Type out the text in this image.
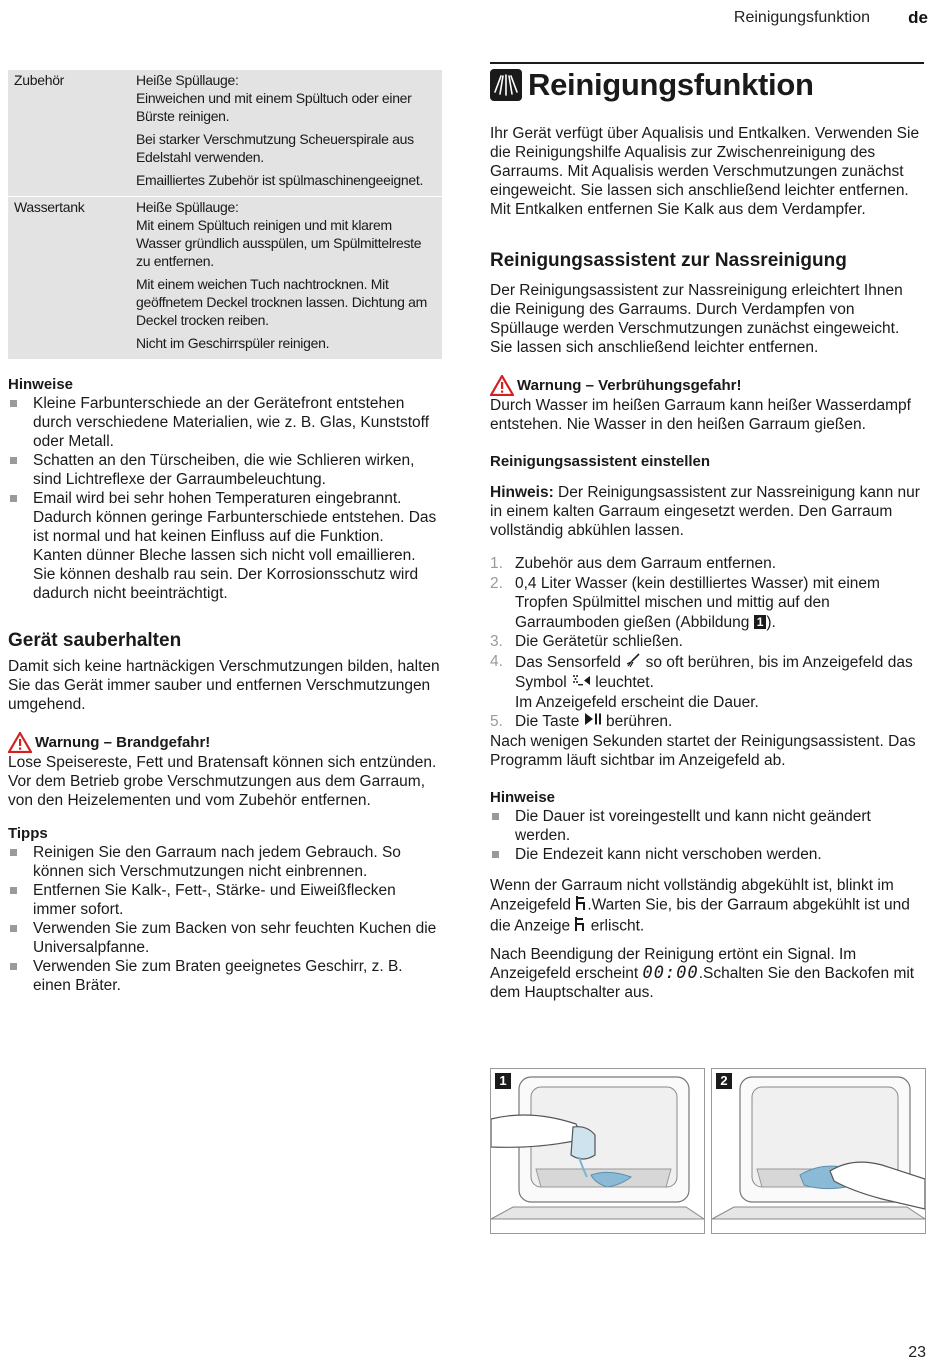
Reinigungsfunktion de
Zubehör	Heiße Spüllauge:

Einweichen und mit einem Spültuch oder einer Bürste reinigen.

Bei starker Verschmutzung Scheuerspirale aus Edelstahl verwenden.

Emailliertes Zubehör ist spülmaschinengeeignet.

Wassertank	Heiße Spüllauge:

Mit einem Spültuch reinigen und mit klarem Wasser gründlich ausspülen, um Spülmittelreste zu entfernen.

Mit einem weichen Tuch nachtrocknen. Mit geöffnetem Deckel trocknen lassen. Dichtung am Deckel trocken reiben.

Nicht im Geschirrspüler reinigen.

Hinweise

Kleine Farbunterschiede an der Gerätefront entstehen durch verschiedene Materialien, wie z. B. Glas, Kunststoff oder Metall.
Schatten an den Türscheiben, die wie Schlieren wirken, sind Lichtreflexe der Garraumbeleuchtung.
Email wird bei sehr hohen Temperaturen eingebrannt. Dadurch können geringe Farbunterschiede entstehen. Das ist normal und hat keinen Einfluss auf die Funktion.

Kanten dünner Bleche lassen sich nicht voll emaillieren. Sie können deshalb rau sein. Der Korrosionsschutz wird dadurch nicht beeinträchtigt.

Gerät sauberhalten

Damit sich keine hartnäckigen Verschmutzungen bilden, halten Sie das Gerät immer sauber und entfernen Verschmutzungen umgehend.

Warnung – Brandgefahr!

Lose Speisereste, Fett und Bratensaft können sich entzünden. Vor dem Betrieb grobe Verschmutzungen aus dem Garraum, von den Heizelementen und vom Zubehör entfernen.

Tipps

Reinigen Sie den Garraum nach jedem Gebrauch. So können sich Verschmutzungen nicht einbrennen.
Entfernen Sie Kalk-, Fett-, Stärke- und Eiweißflecken immer sofort.
Verwenden Sie zum Backen von sehr feuchten Kuchen die Universalpfanne.
Verwenden Sie zum Braten geeignetes Geschirr, z. B. einen Bräter.
Reinigungsfunktion

Ihr Gerät verfügt über Aqualisis und Entkalken. Verwenden Sie die Reinigungshilfe Aqualisis zur Zwischenreinigung des Garraums. Mit Aqualisis werden Verschmutzungen zunächst eingeweicht. Sie lassen sich anschließend leichter entfernen. Mit Entkalken entfernen Sie Kalk aus dem Verdampfer.

Reinigungsassistent zur Nassreinigung

Der Reinigungsassistent zur Nassreinigung erleichtert Ihnen die Reinigung des Garraums. Durch Verdampfen von Spüllauge werden Verschmutzungen zunächst eingeweicht. Sie lassen sich anschließend leichter entfernen.

Warnung – Verbrühungsgefahr!

Durch Wasser im heißen Garraum kann heißer Wasserdampf entstehen. Nie Wasser in den heißen Garraum gießen.

Reinigungsassistent einstellen

Hinweis: Der Reinigungsassistent zur Nassreinigung kann nur in einem kalten Garraum eingesetzt werden. Den Garraum vollständig abkühlen lassen.

1. Zubehör aus dem Garraum entfernen.
2. 0,4 Liter Wasser (kein destilliertes Wasser) mit einem Tropfen Spülmittel mischen und mittig auf den Garraumboden gießen (Abbildung 1 ).
3. Die Gerätetür schließen.
4. Das Sensorfeld  so oft berühren, bis im Anzeigefeld das Symbol  leuchtet.
Im Anzeigefeld erscheint die Dauer.
5. Die Taste  berühren.

Nach wenigen Sekunden startet der Reinigungsassistent. Das Programm läuft sichtbar im Anzeigefeld ab.

Hinweise

Die Dauer ist voreingestellt und kann nicht geändert werden.
Die Endezeit kann nicht verschoben werden.

Wenn der Garraum nicht vollständig abgekühlt ist, blinkt im Anzeigefeld .Warten Sie, bis der Garraum abgekühlt ist und die Anzeige  erlischt.

Nach Beendigung der Reinigung ertönt ein Signal. Im Anzeigefeld erscheint 00:00.Schalten Sie den Backofen mit dem Hauptschalter aus.

1	2
23
